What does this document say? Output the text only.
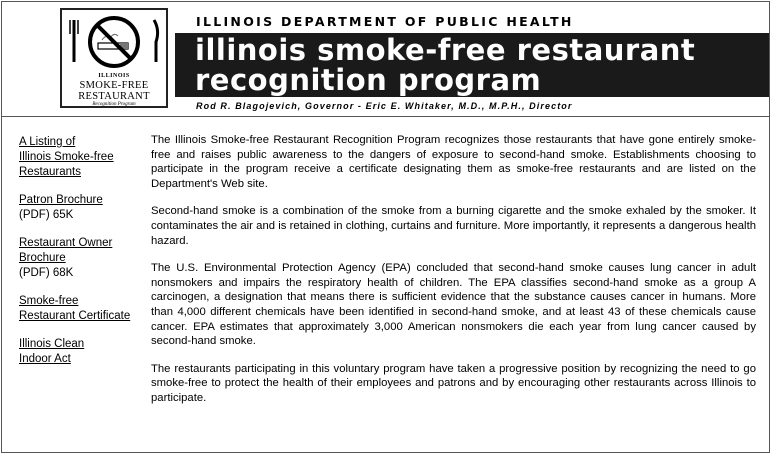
ILLINOIS
SMOKE-FREE
RESTAURANT
Recognition Program
ILLINOIS DEPARTMENT OF PUBLIC HEALTH
illinois smoke-free restaurant
recognition program
Rod R. Blagojevich, Governor - Eric E. Whitaker, M.D., M.P.H., Director
A Listing of
Illinois Smoke-free
Restaurants
Patron Brochure
(PDF) 65K
Restaurant Owner
Brochure
(PDF) 68K
Smoke-free
Restaurant Certificate
Illinois Clean
Indoor Act

The Illinois Smoke-free Restaurant Recognition Program recognizes those restaurants that have gone entirely smoke-free and raises public awareness to the dangers of exposure to second-hand smoke. Establishments choosing to participate in the program receive a certificate designating them as smoke-free restaurants and are listed on the Department's Web site.

Second-hand smoke is a combination of the smoke from a burning cigarette and the smoke exhaled by the smoker. It contaminates the air and is retained in clothing, curtains and furniture. More importantly, it represents a dangerous health hazard.

The U.S. Environmental Protection Agency (EPA) concluded that second-hand smoke causes lung cancer in adult nonsmokers and impairs the respiratory health of children. The EPA classifies second-hand smoke as a group A carcinogen, a designation that means there is sufficient evidence that the substance causes cancer in humans. More than 4,000 different chemicals have been identified in second-hand smoke, and at least 43 of these chemicals cause cancer. EPA estimates that approximately 3,000 American nonsmokers die each year from lung cancer caused by second-hand smoke.

The restaurants participating in this voluntary program have taken a progressive position by recognizing the need to go smoke-free to protect the health of their employees and patrons and by encouraging other restaurants across Illinois to participate.
